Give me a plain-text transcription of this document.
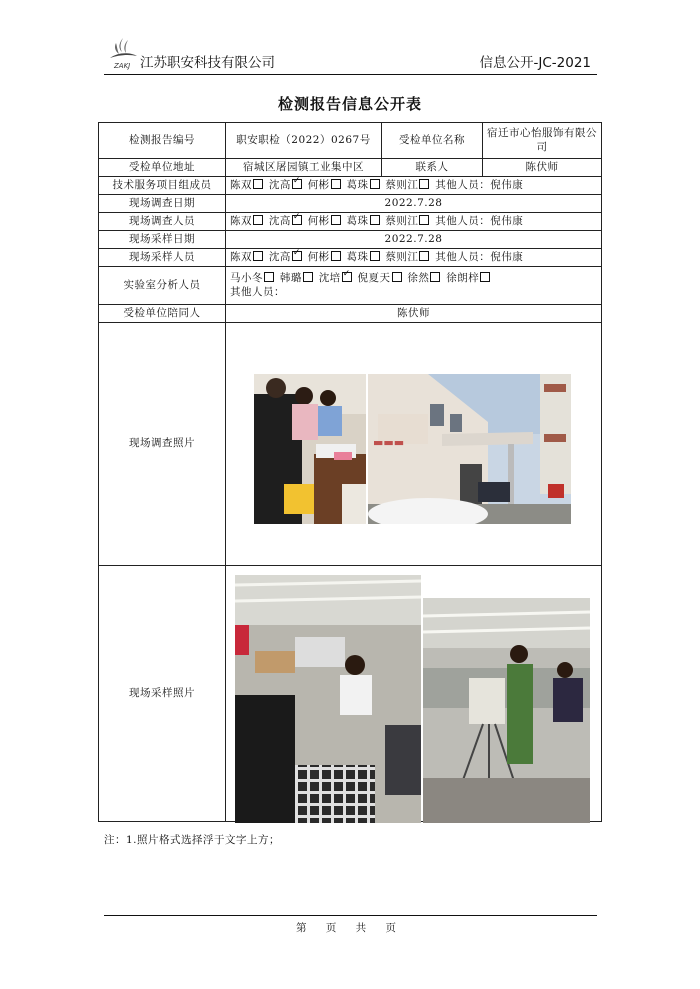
ZAKJ 江苏职安科技有限公司	信息公开-JC-2021
检测报告信息公开表
检测报告编号	职安职检（2022）0267号	受检单位名称	宿迁市心怡服饰有限公司
受检单位地址	宿城区屠园镇工业集中区	联系人	陈伏师
技术服务项目组成员	陈双 沈高 ✓ 何彬 葛珠 蔡则江 其他人员：倪伟康
现场调查日期	2022.7.28		
现场调查人员	陈双 沈高 ✓ 何彬 葛珠 蔡则江 其他人员：倪伟康
现场采样日期	2022.7.28		
现场采样人员	陈双 沈高 ✓ 何彬 葛珠 蔡则江 其他人员：倪伟康
实验室分析人员	马小冬 韩璐 沈培 ✓ 倪夏天 徐然 徐朗梓
其他人员：

受检单位陪同人	陈伏师		
现场调查照片			
现场采样照片			
▬▬▬
注：1.照片格式选择浮于文字上方；
第 页 共 页
